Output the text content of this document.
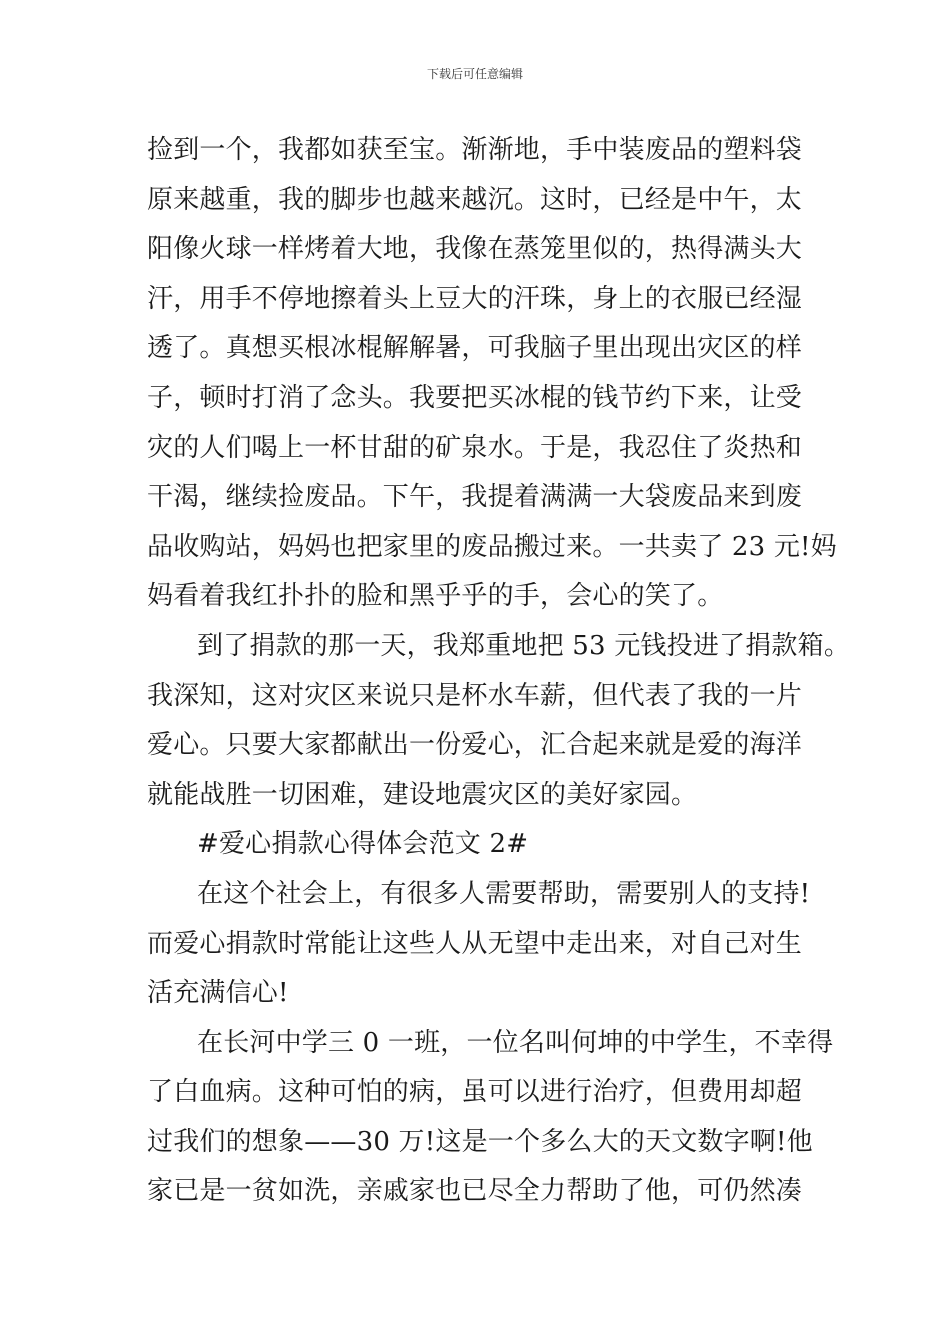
下载后可任意编辑
捡到一个，我都如获至宝。渐渐地，手中装废品的塑料袋
原来越重，我的脚步也越来越沉。这时，已经是中午，太
阳像火球一样烤着大地，我像在蒸笼里似的，热得满头大
汗，用手不停地擦着头上豆大的汗珠，身上的衣服已经湿
透了。真想买根冰棍解解暑，可我脑子里出现出灾区的样
子，顿时打消了念头。我要把买冰棍的钱节约下来，让受
灾的人们喝上一杯甘甜的矿泉水。于是，我忍住了炎热和
干渴，继续捡废品。下午，我提着满满一大袋废品来到废
品收购站，妈妈也把家里的废品搬过来。一共卖了 23 元!妈
妈看着我红扑扑的脸和黑乎乎的手，会心的笑了。
到了捐款的那一天，我郑重地把 53 元钱投进了捐款箱。
我深知，这对灾区来说只是杯水车薪，但代表了我的一片
爱心。只要大家都献出一份爱心，汇合起来就是爱的海洋
就能战胜一切困难，建设地震灾区的美好家园。
#爱心捐款心得体会范文 2#
在这个社会上，有很多人需要帮助，需要别人的支持!
而爱心捐款时常能让这些人从无望中走出来，对自己对生
活充满信心!
在长河中学三 0 一班，一位名叫何坤的中学生，不幸得
了白血病。这种可怕的病，虽可以进行治疗，但费用却超
过我们的想象——30 万!这是一个多么大的天文数字啊!他
家已是一贫如洗，亲戚家也已尽全力帮助了他，可仍然凑
